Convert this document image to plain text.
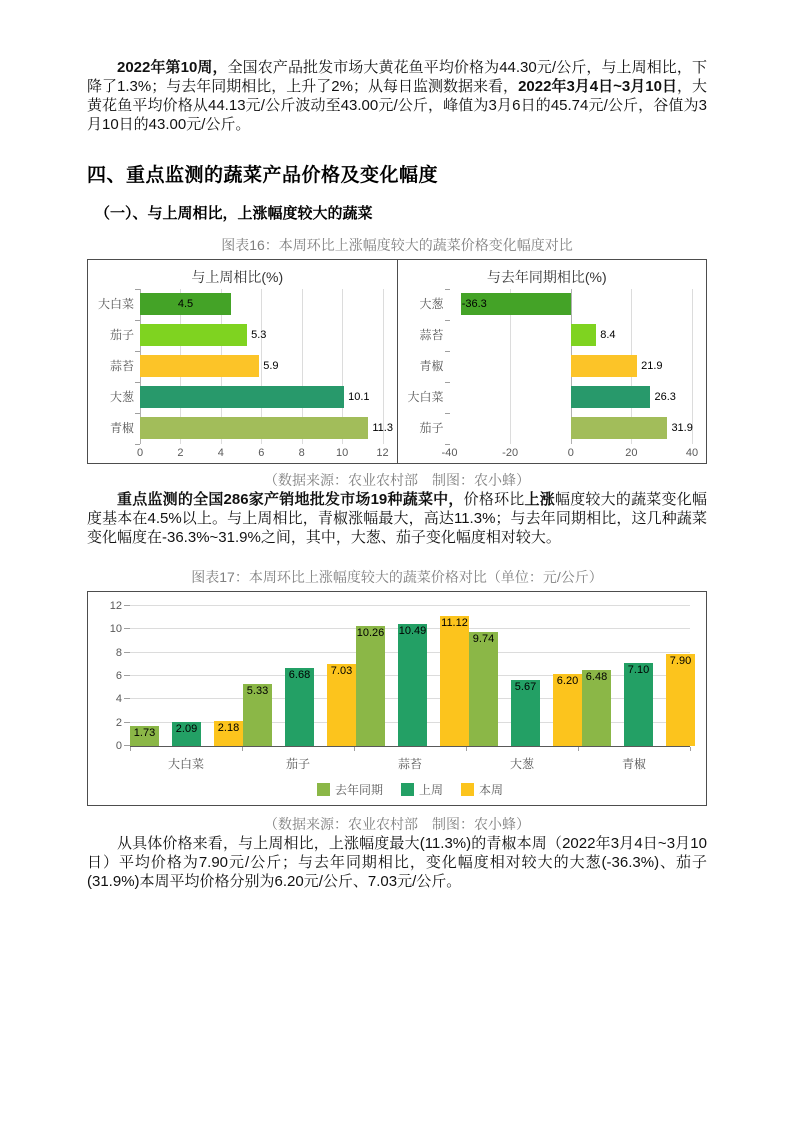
2022年第10周，全国农产品批发市场大黄花鱼平均价格为44.30元/公斤，与上周相比，下降了1.3%；与去年同期相比，上升了2%；从每日监测数据来看，2022年3月4日~3月10日，大黄花鱼平均价格从44.13元/公斤波动至43.00元/公斤，峰值为3月6日的45.74元/公斤，谷值为3月10日的43.00元/公斤。

四、重点监测的蔬菜产品价格及变化幅度
（一）、与上周相比，上涨幅度较大的蔬菜
图表16：本周环比上涨幅度较大的蔬菜价格变化幅度对比
与上周相比(%)
大白菜
茄子
蒜苔
大葱
青椒
4.5
5.3
5.9
10.1
11.3
0	2	4	6	8	10	12
与去年同期相比(%)
大葱
蒜苔
青椒
大白菜
茄子
-36.3
8.4
21.9
26.3
31.9
-40	-20	0	20	40
（数据来源：农业农村部　制图：农小蜂）

重点监测的全国286家产销地批发市场19种蔬菜中，价格环比上涨幅度较大的蔬菜变化幅度基本在4.5%以上。与上周相比，青椒涨幅最大，高达11.3%；与去年同期相比，这几种蔬菜变化幅度在-36.3%~31.9%之间，其中，大葱、茄子变化幅度相对较大。

图表17：本周环比上涨幅度较大的蔬菜价格对比（单位：元/公斤）
0
2
4
6
8
10
12
1.73 2.09 2.18
5.33
6.68 7.03
10.26 10.49
11.12
9.74
5.67
6.20 6.48
7.10
7.90
大白菜	茄子	蒜苔	大葱	青椒
去年同期	上周	本周
（数据来源：农业农村部　制图：农小蜂）

从具体价格来看，与上周相比，上涨幅度最大(11.3%)的青椒本周（2022年3月4日~3月10日）平均价格为7.90元/公斤；与去年同期相比，变化幅度相对较大的大葱(-36.3%)、茄子(31.9%)本周平均价格分别为6.20元/公斤、7.03元/公斤。
